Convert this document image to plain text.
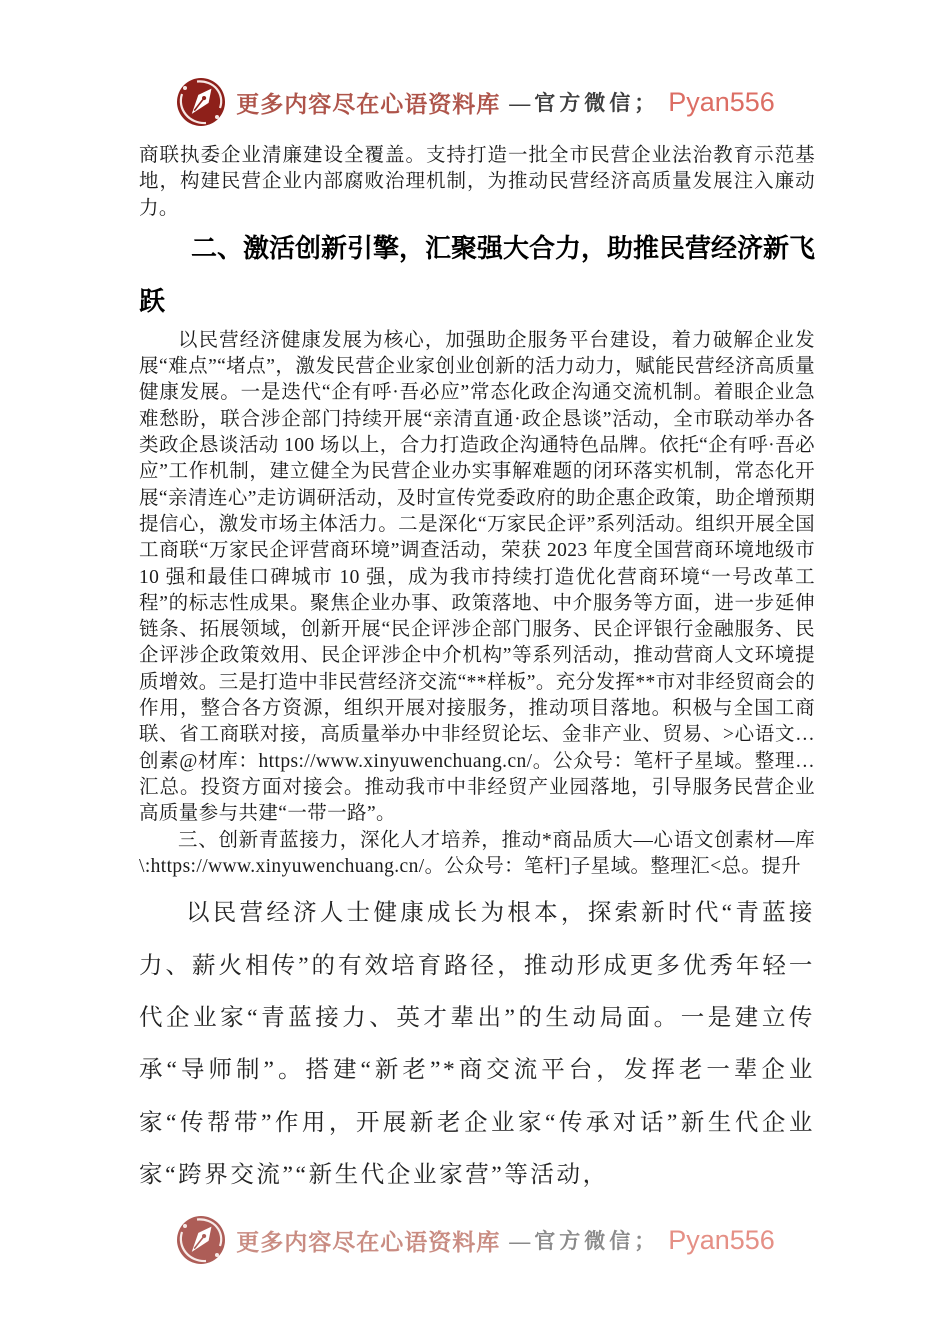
更多内容尽在心语资料库 —官方微信； Pyan556

商联执委企业清廉建设全覆盖。支持打造一批全市民营企业法治教育示范基地，构建民营企业内部腐败治理机制，为推动民营经济高质量发展注入廉动力。

二、激活创新引擎，汇聚强大合力，助推民营经济新飞跃

以民营经济健康发展为核心，加强助企服务平台建设，着力破解企业发展“难点”“堵点”，激发民营企业家创业创新的活力动力，赋能民营经济高质量健康发展。一是迭代“企有呼·吾必应”常态化政企沟通交流机制。着眼企业急难愁盼，联合涉企部门持续开展“亲清直通·政企恳谈”活动，全市联动举办各类政企恳谈活动 100 场以上，合力打造政企沟通特色品牌。依托“企有呼·吾必应”工作机制，建立健全为民营企业办实事解难题的闭环落实机制，常态化开展“亲清连心”走访调研活动，及时宣传党委政府的助企惠企政策，助企增预期提信心，激发市场主体活力。二是深化“万家民企评”系列活动。组织开展全国工商联“万家民企评营商环境”调查活动，荣获 2023 年度全国营商环境地级市 10 强和最佳口碑城市 10 强，成为我市持续打造优化营商环境“一号改革工程”的标志性成果。聚焦企业办事、政策落地、中介服务等方面，进一步延伸链条、拓展领域，创新开展“民企评涉企部门服务、民企评银行金融服务、民企评涉企政策效用、民企评涉企中介机构”等系列活动，推动营商人文环境提质增效。三是打造中非民营经济交流“**样板”。充分发挥**市对非经贸商会的作用，整合各方资源，组织开展对接服务，推动项目落地。积极与全国工商联、省工商联对接，高质量举办中非经贸论坛、金非产业、贸易、>心语文…创素@材库：https://www.xinyuwenchuang.cn/。公众号：笔杆子星域。整理…汇总。投资方面对接会。推动我市中非经贸产业园落地，引导服务民营企业高质量参与共建“一带一路”。

三、创新青蓝接力，深化人才培养，推动*商品质大—心语文创素材—库\:https://www.xinyuwenchuang.cn/。公众号：笔杆]子星域。整理汇<总。提升

以民营经济人士健康成长为根本，探索新时代“青蓝接力、薪火相传”的有效培育路径，推动形成更多优秀年轻一代企业家“青蓝接力、英才辈出”的生动局面。一是建立传承“导师制”。搭建“新老”*商交流平台，发挥老一辈企业家“传帮带”作用，开展新老企业家“传承对话”新生代企业家“跨界交流”“新生代企业家营”等活动，

更多内容尽在心语资料库 —官方微信； Pyan556
